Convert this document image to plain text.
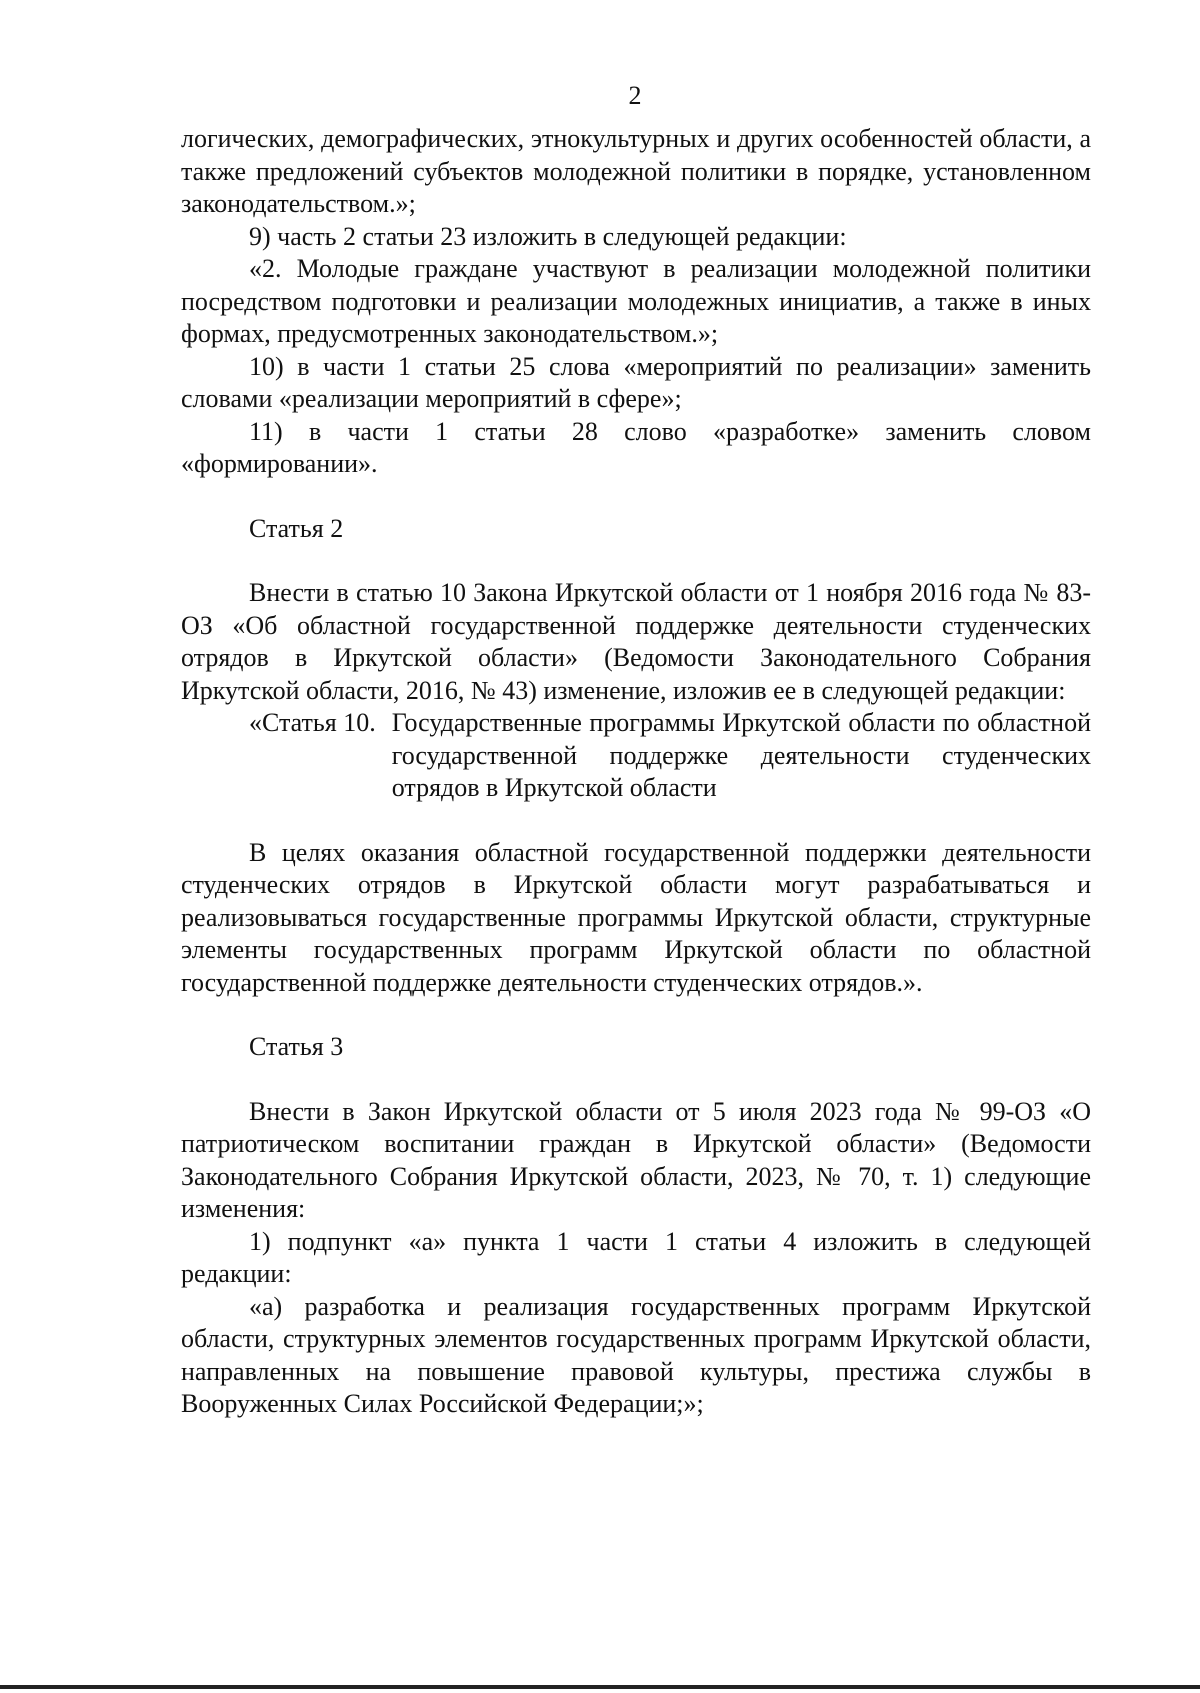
2

логических, демографических, этнокультурных и других особенностей области, а также предложений субъектов молодежной политики в порядке, установленном законодательством.»;

9) часть 2 статьи 23 изложить в следующей редакции:

«2. Молодые граждане участвуют в реализации молодежной политики посредством подготовки и реализации молодежных инициатив, а также в иных формах, предусмотренных законодательством.»;

10) в части 1 статьи 25 слова «мероприятий по реализации» заменить словами «реализации мероприятий в сфере»;

11) в части 1 статьи 28 слово «разработке» заменить словом «формировании».

Статья 2

Внести в статью 10 Закона Иркутской области от 1 ноября 2016 года № 83-ОЗ «Об областной государственной поддержке деятельности студенческих отрядов в Иркутской области» (Ведомости Законодательного Собрания Иркутской области, 2016, № 43) изменение, изложив ее в следующей редакции:

«Статья 10. Государственные программы Иркутской области по областной государственной поддержке деятельности студенческих отрядов в Иркутской области

В целях оказания областной государственной поддержки деятельности студенческих отрядов в Иркутской области могут разрабатываться и реализовываться государственные программы Иркутской области, структурные элементы государственных программ Иркутской области по областной государственной поддержке деятельности студенческих отрядов.».

Статья 3

Внести в Закон Иркутской области от 5 июля 2023 года № 99-ОЗ «О патриотическом воспитании граждан в Иркутской области» (Ведомости Законодательного Собрания Иркутской области, 2023, № 70, т. 1) следующие изменения:

1) подпункт «а» пункта 1 части 1 статьи 4 изложить в следующей редакции:

«а) разработка и реализация государственных программ Иркутской области, структурных элементов государственных программ Иркутской области, направленных на повышение правовой культуры, престижа службы в Вооруженных Силах Российской Федерации;»;
